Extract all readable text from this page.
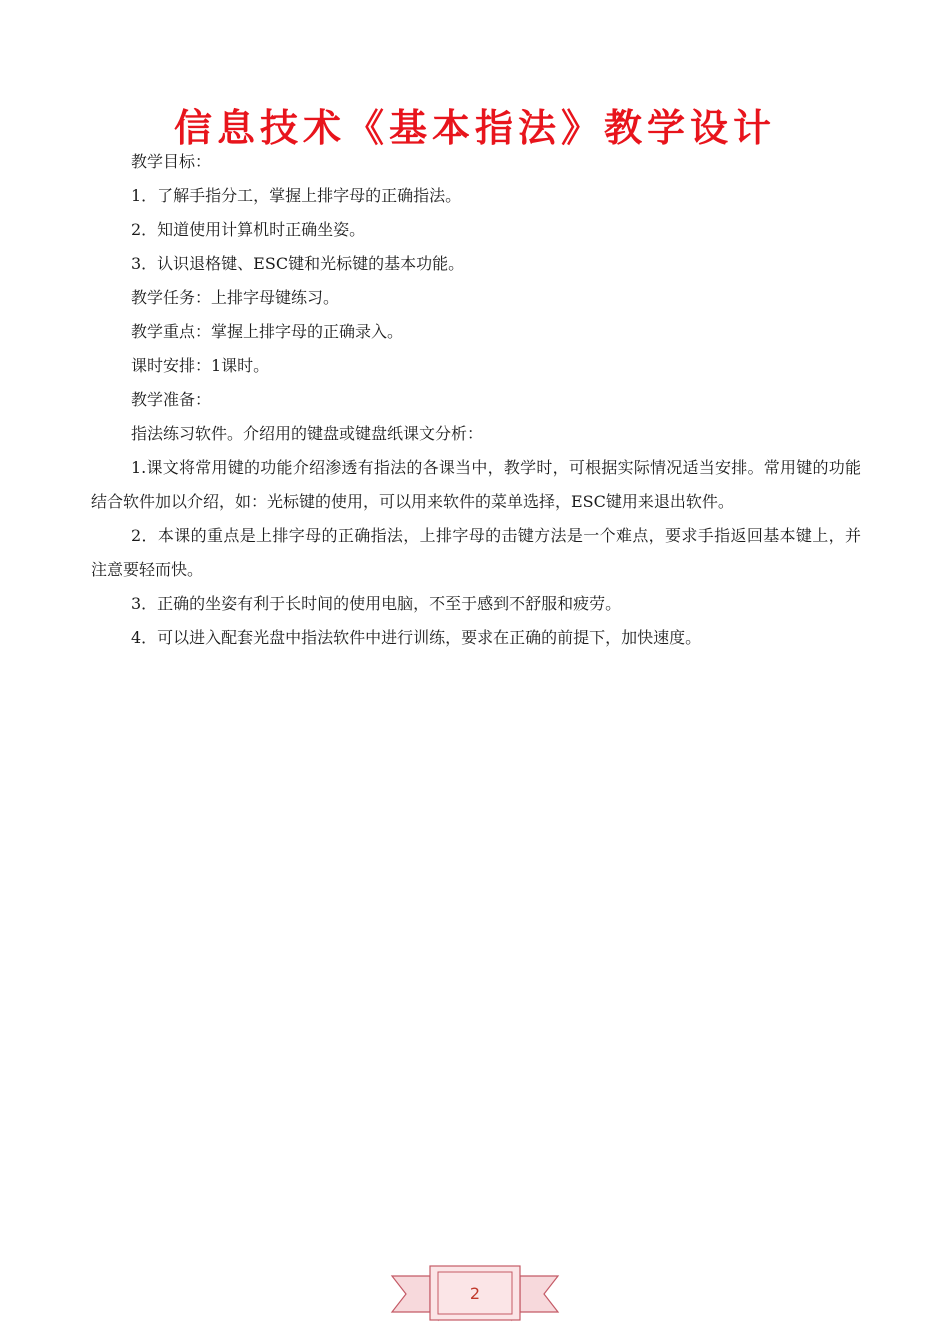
信息技术《基本指法》教学设计

教学目标：

1．了解手指分工，掌握上排字母的正确指法。

2．知道使用计算机时正确坐姿。

3．认识退格键、ESC键和光标键的基本功能。

教学任务：上排字母键练习。

教学重点：掌握上排字母的正确录入。

课时安排：1课时。

教学准备：

指法练习软件。介绍用的键盘或键盘纸课文分析：

1.课文将常用键的功能介绍渗透有指法的各课当中，教学时，可根据实际情况适当安排。常用键的功能结合软件加以介绍，如：光标键的使用，可以用来软件的菜单选择，ESC键用来退出软件。

2．本课的重点是上排字母的正确指法，上排字母的击键方法是一个难点，要求手指返回基本键上，并注意要轻而快。

3．正确的坐姿有利于长时间的使用电脑，不至于感到不舒服和疲劳。

4．可以进入配套光盘中指法软件中进行训练，要求在正确的前提下，加快速度。

2
